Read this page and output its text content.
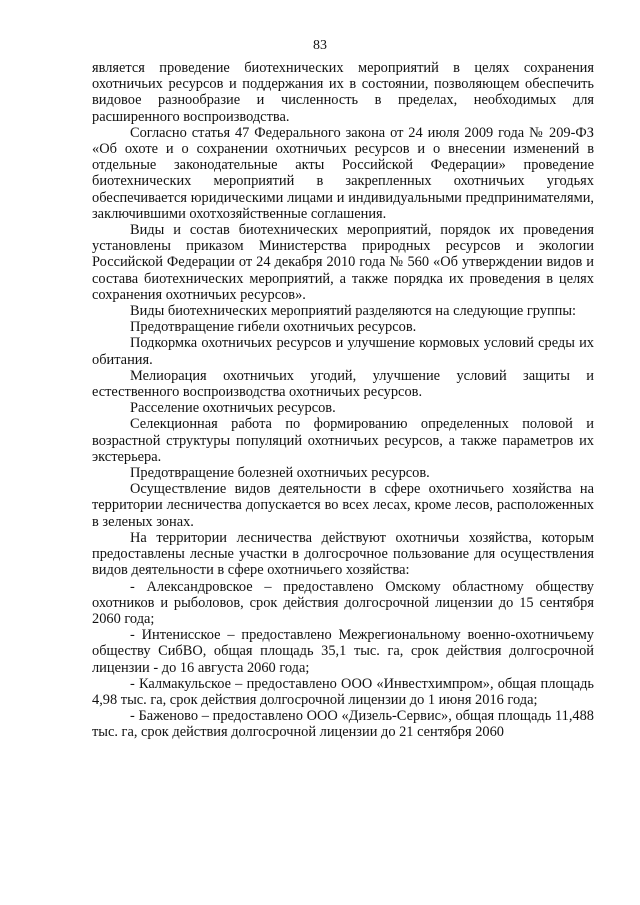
83

является проведение биотехнических мероприятий в целях сохранения охотничьих ресурсов и поддержания их в состоянии, позволяющем обеспечить видовое разнообразие и численность в пределах, необходимых для расширенного воспроизводства.

Согласно статья 47 Федерального закона от 24 июля 2009 года № 209-ФЗ «Об охоте и о сохранении охотничьих ресурсов и о внесении изменений в отдельные законодательные акты Российской Федерации» проведение биотехнических мероприятий в закрепленных охотничьих угодьях обеспечивается юридическими лицами и индивидуальными предпринимателями, заключившими охотхозяйственные соглашения.

Виды и состав биотехнических мероприятий, порядок их проведения установлены приказом Министерства природных ресурсов и экологии Российской Федерации от 24 декабря 2010 года № 560 «Об утверждении видов и состава биотехнических мероприятий, а также порядка их проведения в целях сохранения охотничьих ресурсов».

Виды биотехнических мероприятий разделяются на следующие группы:

Предотвращение гибели охотничьих ресурсов.

Подкормка охотничьих ресурсов и улучшение кормовых условий среды их обитания.

Мелиорация охотничьих угодий, улучшение условий защиты и естественного воспроизводства охотничьих ресурсов.

Расселение охотничьих ресурсов.

Селекционная работа по формированию определенных половой и возрастной структуры популяций охотничьих ресурсов, а также параметров их экстерьера.

Предотвращение болезней охотничьих ресурсов.

Осуществление видов деятельности в сфере охотничьего хозяйства на территории лесничества допускается во всех лесах, кроме лесов, расположенных в зеленых зонах.

На территории лесничества действуют охотничьи хозяйства, которым предоставлены лесные участки в долгосрочное пользование для осуществления видов деятельности в сфере охотничьего хозяйства:

- Александровское – предоставлено Омскому областному обществу охотников и рыболовов, срок действия долгосрочной лицензии до 15 сентября 2060 года;

- Интенисское – предоставлено Межрегиональному военно-охотничьему обществу СибВО, общая площадь 35,1 тыс. га, срок действия долгосрочной лицензии - до 16 августа 2060 года;

- Калмакульское – предоставлено ООО «Инвестхимпром», общая площадь 4,98 тыс. га, срок действия долгосрочной лицензии до 1 июня 2016 года;

- Баженово – предоставлено ООО «Дизель-Сервис», общая площадь 11,488 тыс. га, срок действия долгосрочной лицензии до 21 сентября 2060
